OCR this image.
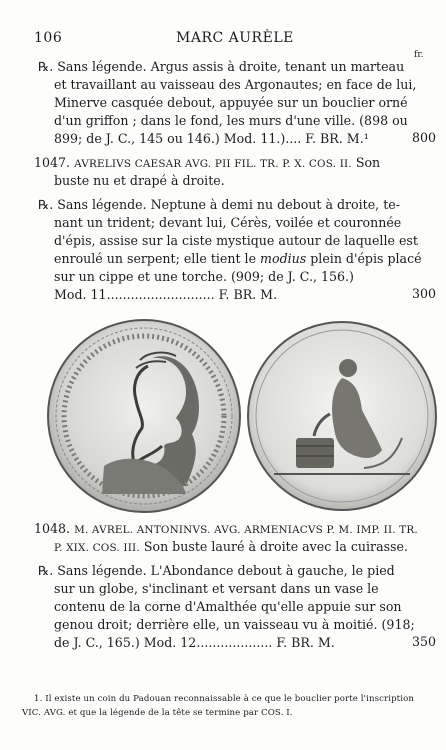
106	MARC AURÈLE
fr.
℞. Sans légende. Argus assis à droite, tenant un marteau
et travaillant au vaisseau des Argonautes; en face de lui,
Minerve casquée debout, appuyée sur un bouclier orné
d'un griffon ; dans le fond, les murs d'une ville. (898 ou
899; de J. C., 145 ou 146.) Mod. 11.).... F. BR. M.¹	800
1047. AVRELIVS CAESAR AVG. PII FIL. TR. P. X. COS. II. Son
buste nu et drapé à droite.
℞. Sans légende. Neptune à demi nu debout à droite, te-
nant un trident; devant lui, Cérès, voilée et couronnée
d'épis, assise sur la ciste mystique autour de laquelle est
enroulé un serpent; elle tient le modius plein d'épis placé
sur un cippe et une torche. (909; de J. C., 156.)
Mod. 11........................... F. BR. M.	300
1048. M. AVREL. ANTONINVS. AVG. ARMENIACVS P. M. IMP. II. TR.
P. XIX. COS. III. Son buste lauré à droite avec la cuirasse.
℞. Sans légende. L'Abondance debout à gauche, le pied
sur un globe, s'inclinant et versant dans un vase le
contenu de la corne d'Amalthée qu'elle appuie sur son
genou droit; derrière elle, un vaisseau vu à moitié. (918;
de J. C., 165.) Mod. 12................... F. BR. M.	350
1. Il existe un coin du Padouan reconnaissable à ce que le bouclier porte l'inscription
VIC. AVG. et que la légende de la tête se termine par COS. I.
